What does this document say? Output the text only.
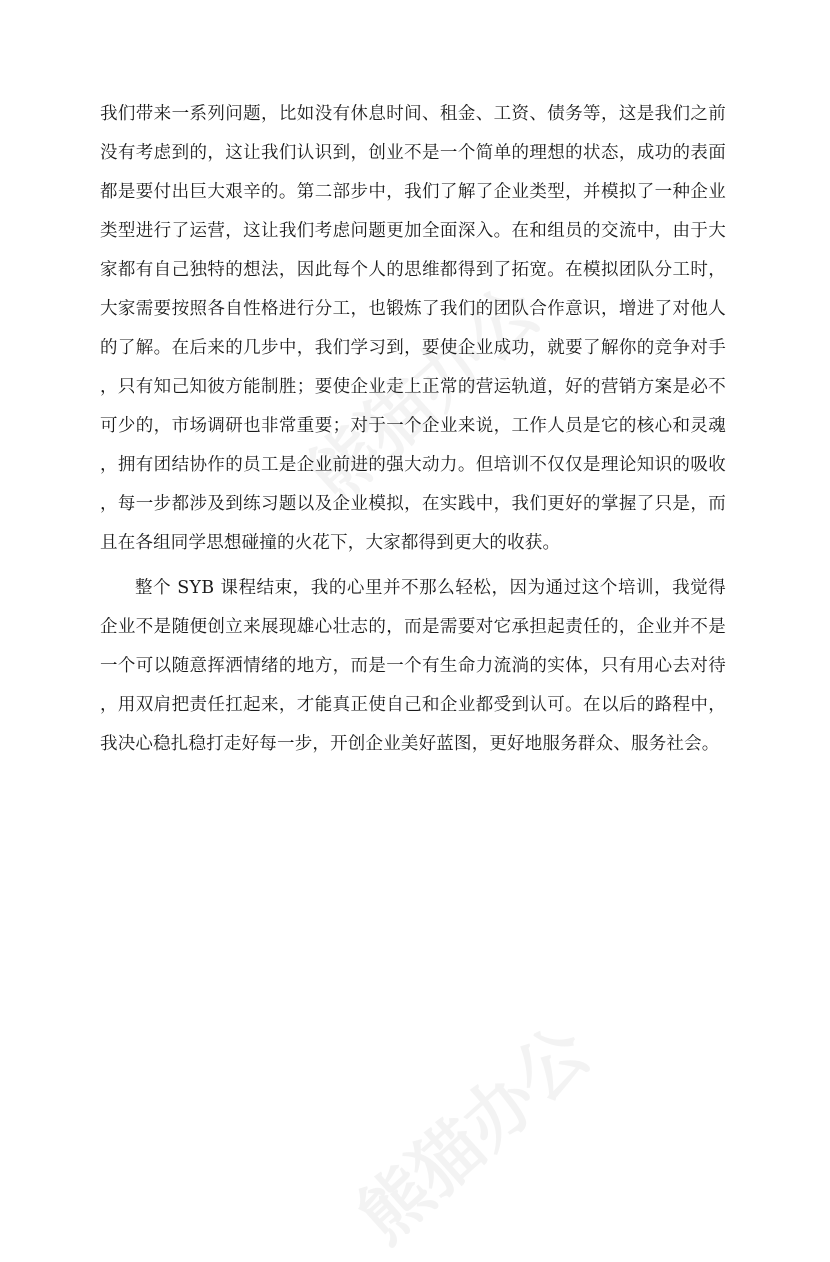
我们带来一系列问题，比如没有休息时间、租金、工资、债务等，这是我们之前没有考虑到的，这让我们认识到，创业不是一个简单的理想的状态，成功的表面都是要付出巨大艰辛的。第二部步中，我们了解了企业类型，并模拟了一种企业类型进行了运营，这让我们考虑问题更加全面深入。在和组员的交流中，由于大家都有自己独特的想法，因此每个人的思维都得到了拓宽。在模拟团队分工时，大家需要按照各自性格进行分工，也锻炼了我们的团队合作意识，增进了对他人的了解。在后来的几步中，我们学习到，要使企业成功，就要了解你的竞争对手，只有知己知彼方能制胜；要使企业走上正常的营运轨道，好的营销方案是必不可少的，市场调研也非常重要；对于一个企业来说，工作人员是它的核心和灵魂，拥有团结协作的员工是企业前进的强大动力。但培训不仅仅是理论知识的吸收，每一步都涉及到练习题以及企业模拟，在实践中，我们更好的掌握了只是，而且在各组同学思想碰撞的火花下，大家都得到更大的收获。

整个 SYB 课程结束，我的心里并不那么轻松，因为通过这个培训，我觉得企业不是随便创立来展现雄心壮志的，而是需要对它承担起责任的，企业并不是一个可以随意挥洒情绪的地方，而是一个有生命力流淌的实体，只有用心去对待，用双肩把责任扛起来，才能真正使自己和企业都受到认可。在以后的路程中，我决心稳扎稳打走好每一步，开创企业美好蓝图，更好地服务群众、服务社会。
